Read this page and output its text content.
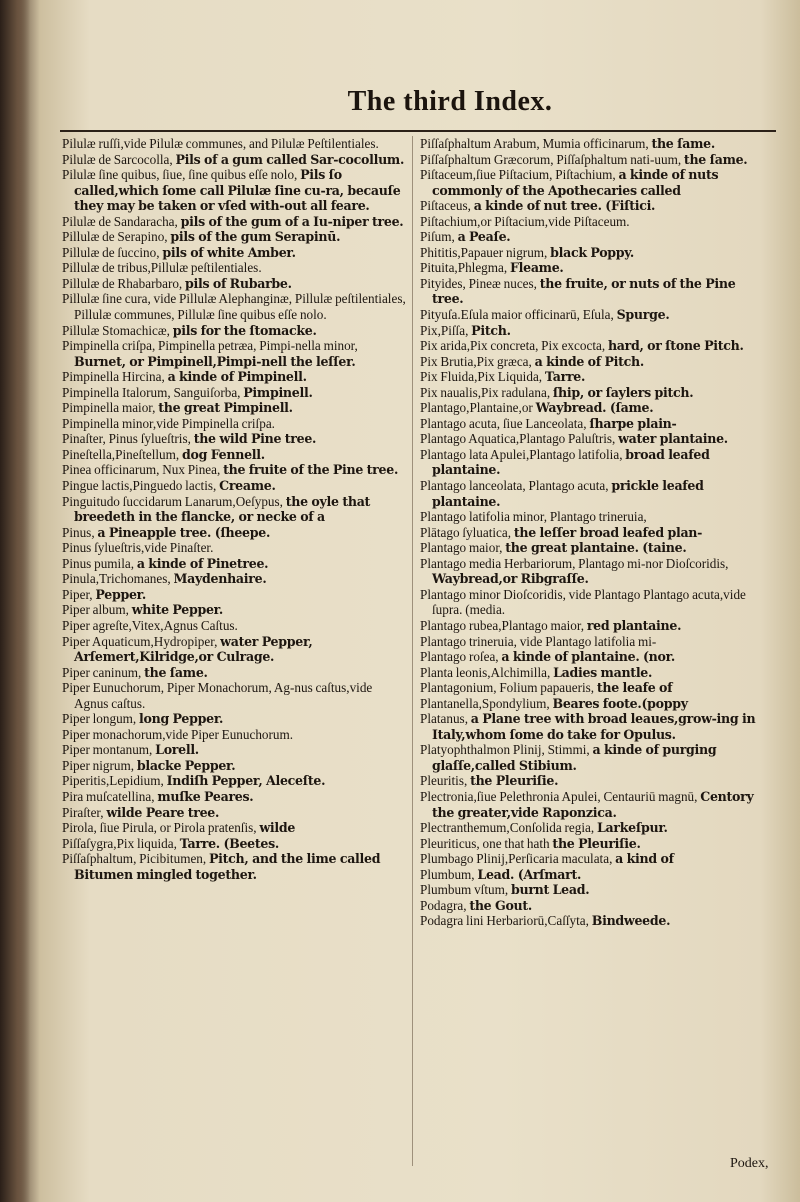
The third Index.
Pilulæ ruſſi,vide Pilulæ communes, and Pilulæ Peſtilentiales.
Pilulæ de Sarcocolla, Pils of a gum called Sar-cocollum.
Pilulæ ſine quibus, ſiue, ſine quibus eſſe nolo, Pils ſo called,which ſome call Pilulæ ſine cu-ra, becauſe they may be taken or vſed with-out all feare.
Pilulæ de Sandaracha, pils of the gum of a Iu-niper tree.
Pillulæ de Serapino, pils of the gum Serapinū.
Pillulæ de ſuccino, pils of white Amber.
Pillulæ de tribus,Pillulæ peſtilentiales.
Pillulæ de Rhabarbaro, pils of Rubarbe.
Pillulæ ſine cura, vide Pillulæ Alephanginæ, Pillulæ peſtilentiales, Pillulæ communes, Pillulæ ſine quibus eſſe nolo.
Pillulæ Stomachicæ, pils for the ſtomacke.
Pimpinella criſpa, Pimpinella petræa, Pimpi-nella minor, Burnet, or Pimpinell,Pimpi-nell the leſſer.
Pimpinella Hircina, a kinde of Pimpinell.
Pimpinella Italorum, Sanguiſorba, Pimpinell.
Pimpinella maior, the great Pimpinell.
Pimpinella minor,vide Pimpinella criſpa.
Pinaſter, Pinus ſylueſtris, the wild Pine tree.
Pineſtella,Pineſtellum, dog Fennell.
Pinea officinarum, Nux Pinea, the fruite of the Pine tree.
Pingue lactis,Pinguedo lactis, Creame.
Pinguitudo ſuccidarum Lanarum,Oeſypus, the oyle that breedeth in the flancke, or necke of a
Pinus, a Pineapple tree. (ſheepe.
Pinus ſylueſtris,vide Pinaſter.
Pinus pumila, a kinde of Pinetree.
Pinula,Trichomanes, Maydenhaire.
Piper, Pepper.
Piper album, white Pepper.
Piper agreſte,Vitex,Agnus Caſtus.
Piper Aquaticum,Hydropiper, water Pepper, Arſemert,Kilridge,or Culrage.
Piper caninum, the ſame.
Piper Eunuchorum, Piper Monachorum, Ag-nus caſtus,vide Agnus caſtus.
Piper longum, long Pepper.
Piper monachorum,vide Piper Eunuchorum.
Piper montanum, Lorell.
Piper nigrum, blacke Pepper.
Piperitis,Lepidium, Indiſh Pepper, Aleceſte.
Pira muſcatellina, muſke Peares.
Piraſter, wilde Peare tree.
Pirola, ſiue Pirula, or Pirola pratenſis, wilde
Piſſaſygra,Pix liquida, Tarre. (Beetes.
Piſſaſphaltum, Picibitumen, Pitch, and the lime called Bitumen mingled together.
Piſſaſphaltum Arabum, Mumia officinarum, the ſame.
Piſſaſphaltum Græcorum, Piſſaſphaltum nati-uum, the ſame.
Piſtaceum,ſiue Piſtacium, Piſtachium, a kinde of nuts commonly of the Apothecaries called
Piſtaceus, a kinde of nut tree. (Fiſtici.
Piſtachium,or Piſtacium,vide Piſtaceum.
Piſum, a Peaſe.
Phititis,Papauer nigrum, black Poppy.
Pituita,Phlegma, Fleame.
Pityides, Pineæ nuces, the fruite, or nuts of the Pine tree.
Pityuſa.Eſula maior officinarū, Eſula, Spurge.
Pix,Piſſa, Pitch.
Pix arida,Pix concreta, Pix excocta, hard, or ſtone Pitch.
Pix Brutia,Pix græca, a kinde of Pitch.
Pix Fluida,Pix Liquida, Tarre.
Pix naualis,Pix radulana, ſhip, or ſaylers pitch.
Plantago,Plantaine,or Waybread. (ſame.
Plantago acuta, ſiue Lanceolata, ſharpe plain-
Plantago Aquatica,Plantago Paluſtris, water plantaine.
Plantago lata Apulei,Plantago latifolia, broad leafed plantaine.
Plantago lanceolata, Plantago acuta, prickle leafed plantaine.
Plantago latifolia minor, Plantago trineruia,
Plātago ſyluatica, the leſſer broad leafed plan-
Plantago maior, the great plantaine. (taine.
Plantago media Herbariorum, Plantago mi-nor Dioſcoridis, Waybread,or Ribgraſſe.
Plantago minor Dioſcoridis, vide Plantago Plantago acuta,vide ſupra. (media.
Plantago rubea,Plantago maior, red plantaine.
Plantago trineruia, vide Plantago latifolia mi-
Plantago roſea, a kinde of plantaine. (nor.
Planta leonis,Alchimilla, Ladies mantle.
Plantagonium, Folium papaueris, the leafe of
Plantanella,Spondylium, Beares foote.(poppy
Platanus, a Plane tree with broad leaues,grow-ing in Italy,whom ſome do take for Opulus.
Platyophthalmon Plinij, Stimmi, a kinde of purging glaſſe,called Stibium.
Pleuritis, the Pleuriſie.
Plectronia,ſiue Pelethronia Apulei, Centauriū magnū, Centory the greater,vide Raponzica.
Plectranthemum,Conſolida regia, Larkeſpur.
Pleuriticus, one that hath the Pleuriſie.
Plumbago Plinij,Perſicaria maculata, a kind of
Plumbum, Lead. (Arſmart.
Plumbum vſtum, burnt Lead.
Podagra, the Gout.
Podagra lini Herbariorū,Caſſyta, Bindweede.
Podex,
